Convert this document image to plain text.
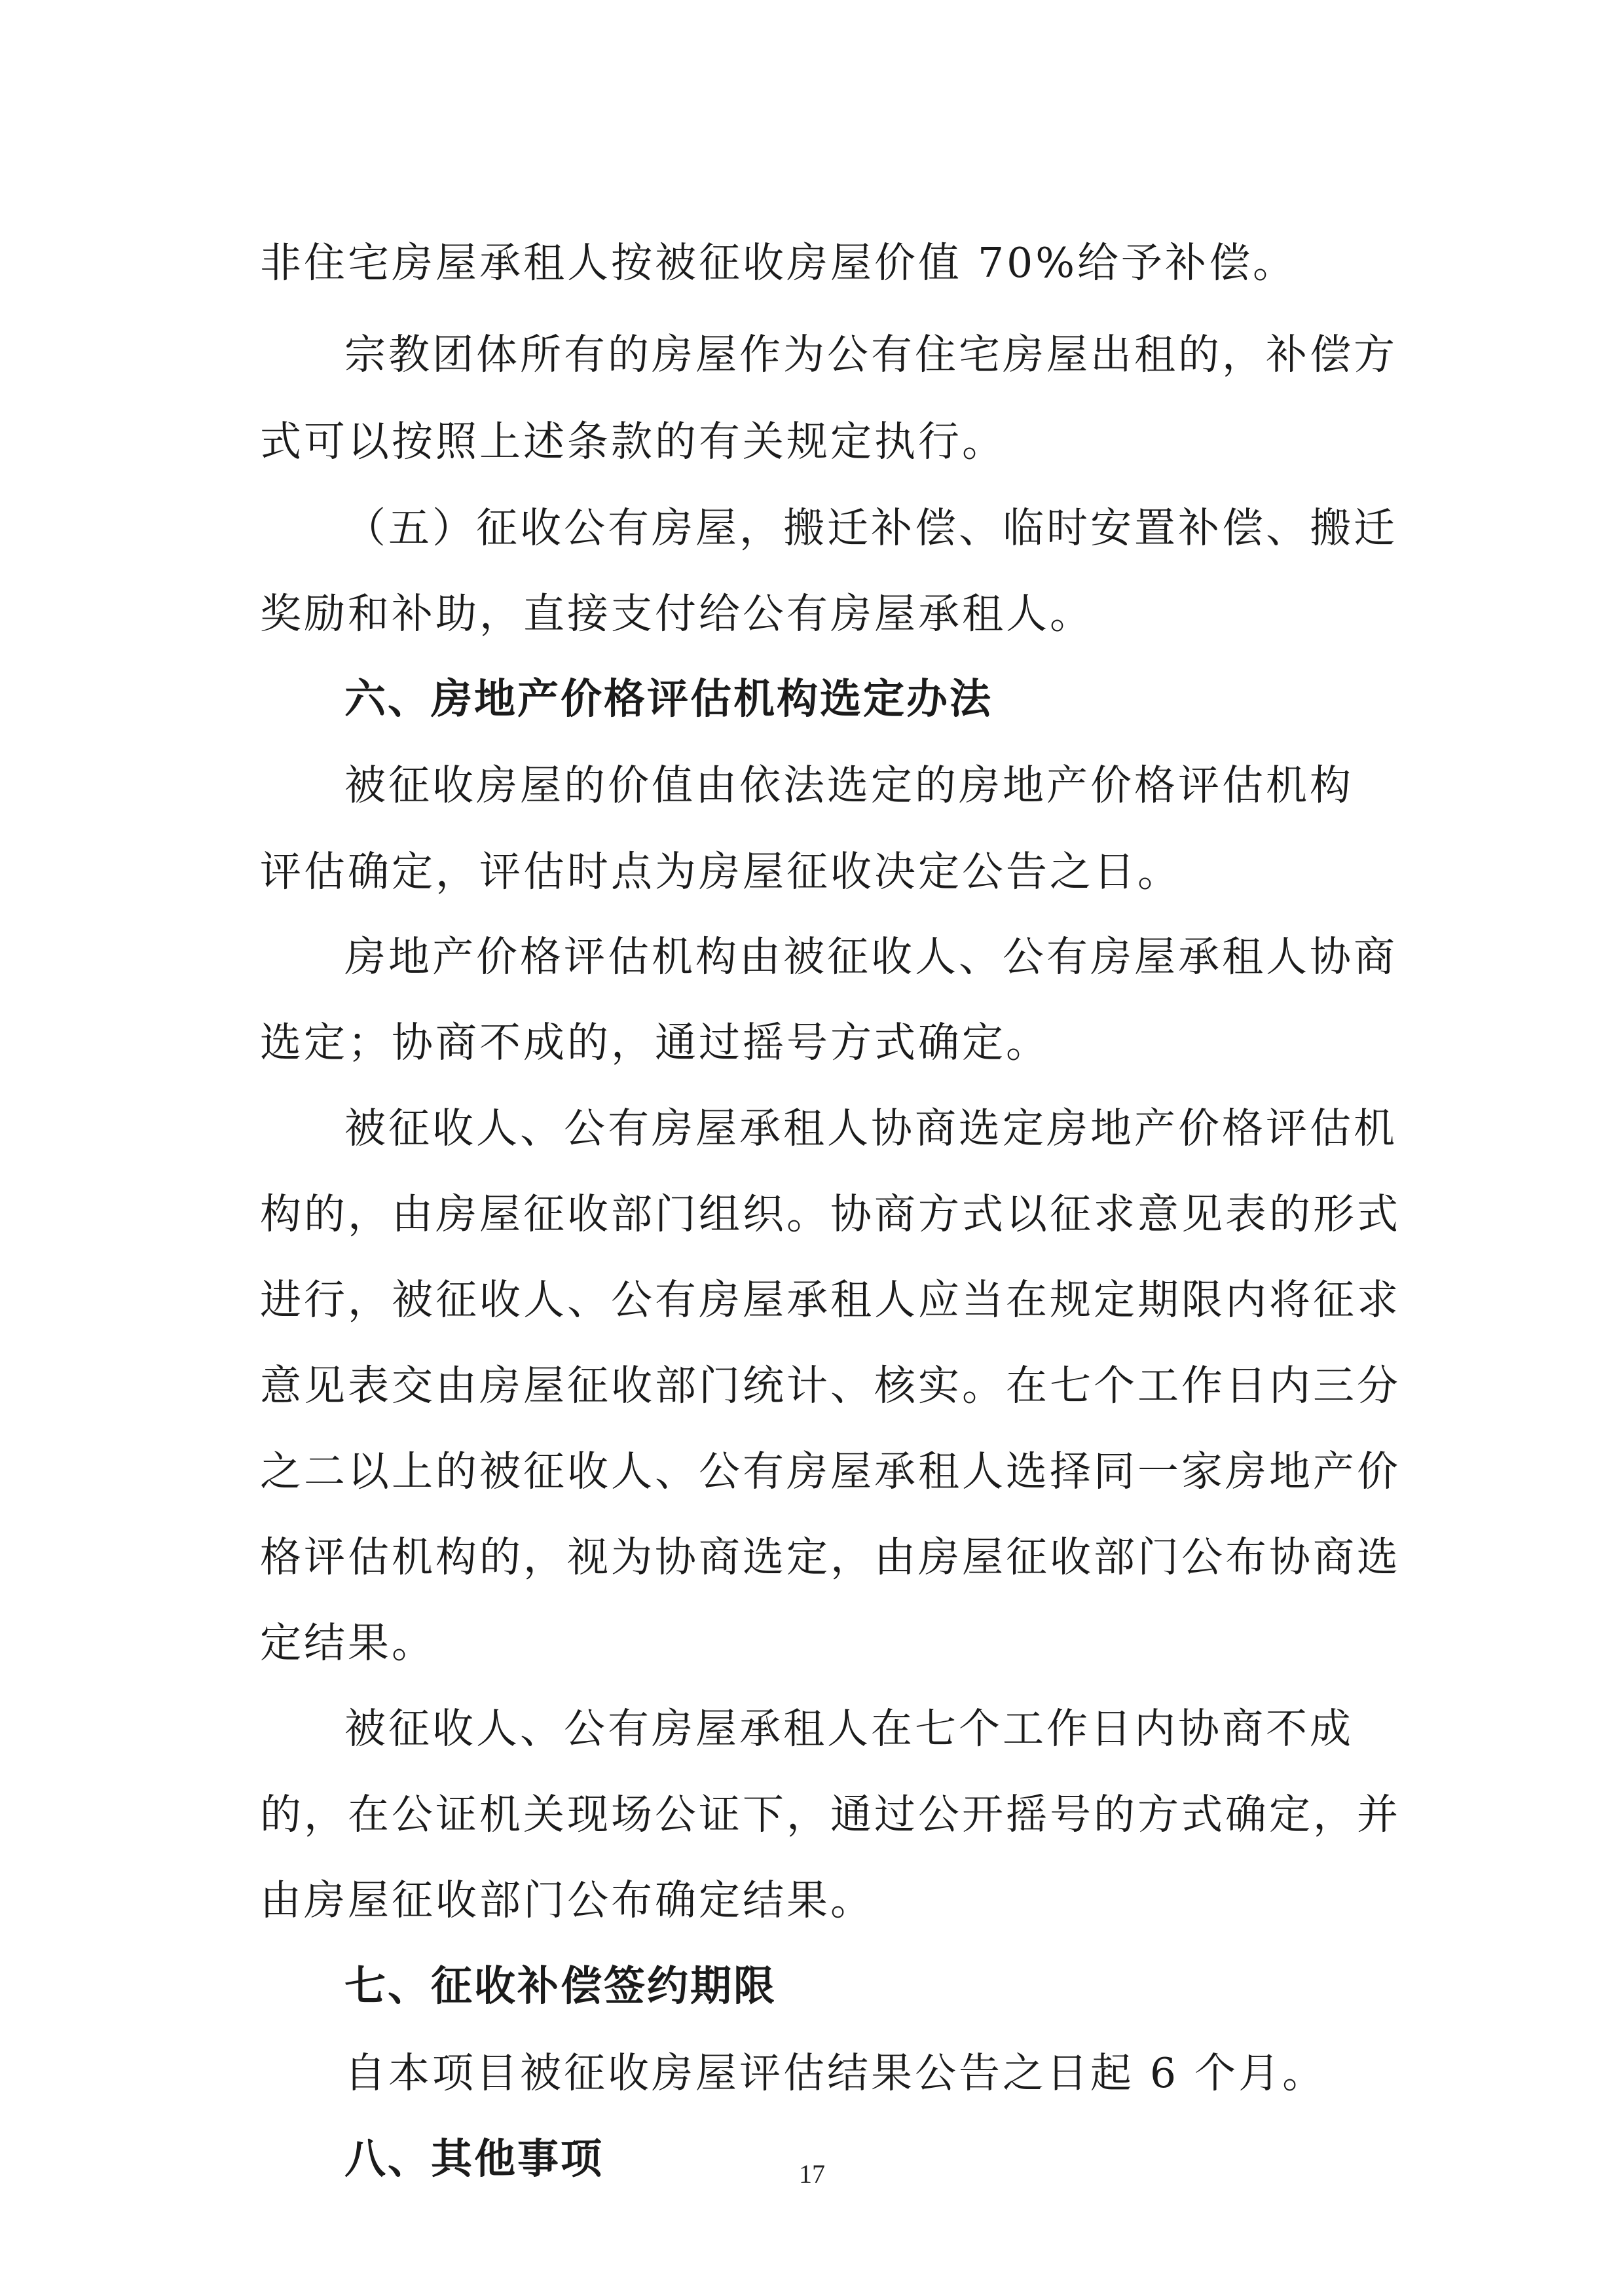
非住宅房屋承租人按被征收房屋价值 70%给予补偿。

宗教团体所有的房屋作为公有住宅房屋出租的，补偿方

式可以按照上述条款的有关规定执行。

（五）征收公有房屋，搬迁补偿、临时安置补偿、搬迁

奖励和补助，直接支付给公有房屋承租人。

六、房地产价格评估机构选定办法

被征收房屋的价值由依法选定的房地产价格评估机构

评估确定，评估时点为房屋征收决定公告之日。

房地产价格评估机构由被征收人、公有房屋承租人协商

选定；协商不成的，通过摇号方式确定。

被征收人、公有房屋承租人协商选定房地产价格评估机

构的，由房屋征收部门组织。协商方式以征求意见表的形式

进行，被征收人、公有房屋承租人应当在规定期限内将征求

意见表交由房屋征收部门统计、核实。在七个工作日内三分

之二以上的被征收人、公有房屋承租人选择同一家房地产价

格评估机构的，视为协商选定，由房屋征收部门公布协商选

定结果。

被征收人、公有房屋承租人在七个工作日内协商不成

的，在公证机关现场公证下，通过公开摇号的方式确定，并

由房屋征收部门公布确定结果。

七、征收补偿签约期限

自本项目被征收房屋评估结果公告之日起 6 个月。

八、其他事项	17
